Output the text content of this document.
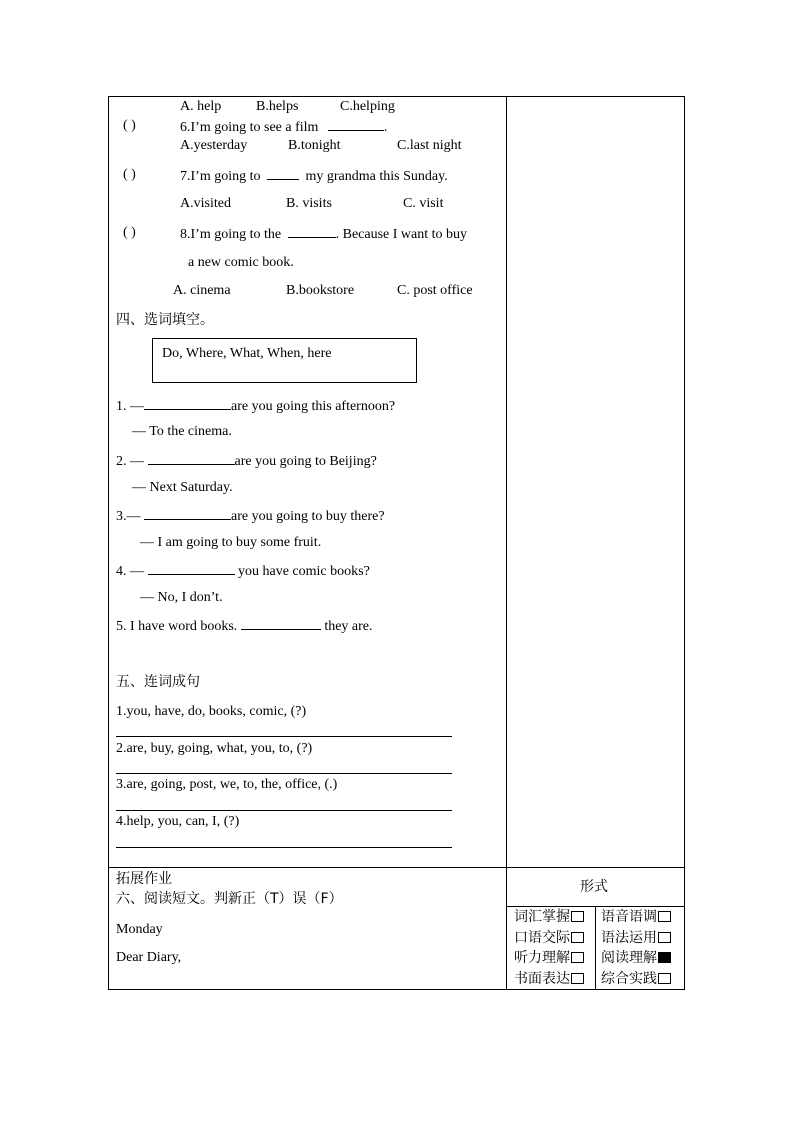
A. help B.helps	C.helping
( )	6.I’m going to see a film	.
A.yesterday	B.tonight	C.last night
( )	7.I’m going to	my grandma this Sunday.
A.visited	B. visits	C. visit
( )	8.I’m going to the	. Because I want to buy
a new comic book.
A. cinema	B.bookstore	C. post office
四、选词填空。
Do, Where, What, When, here
1. —	are you going this afternoon?
— To the cinema.
2. —	are you going to Beijing?
— Next Saturday.
3.—	are you going to buy there?
— I am going to buy some fruit.
4. —	you have comic books?
— No, I don’t.
5. I have word books.	they are.
五、连词成句
1.you, have, do, books, comic, (?)
2.are, buy, going, what, you, to, (?)
3.are, going, post, we, to, the, office, (.)
4.help, you, can, I, (?)
拓展作业
六、阅读短文。判新正（T）误（F）
Monday
Dear Diary,
形式
词汇掌握	语音语调
口语交际	语法运用
听力理解	阅读理解
书面表达	综合实践
